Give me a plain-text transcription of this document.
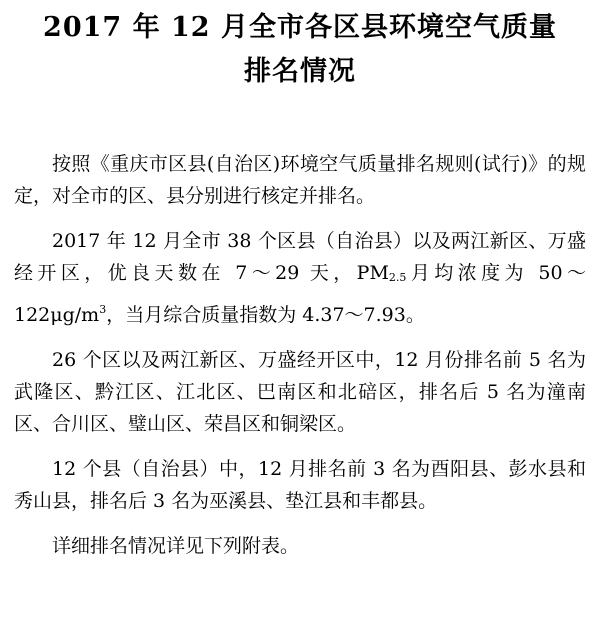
2017 年 12 月全市各区县环境空气质量
排名情况

按照《重庆市区县(自治区)环境空气质量排名规则(试行)》的规定，对全市的区、县分别进行核定并排名。

2017 年 12 月全市 38 个区县（自治县）以及两江新区、万盛经开区，优良天数在 7～29 天，$PM_{2.5}$月均浓度为 $50\sim 122\mu g/m^3$，当月综合质量指数为 4.37～7.93。

26 个区以及两江新区、万盛经开区中，12 月份排名前 5 名为武隆区、黔江区、江北区、巴南区和北碚区，排名后 5 名为潼南区、合川区、璧山区、荣昌区和铜梁区。

12 个县（自治县）中，12 月排名前 3 名为酉阳县、彭水县和秀山县，排名后 3 名为巫溪县、垫江县和丰都县。

详细排名情况详见下列附表。
